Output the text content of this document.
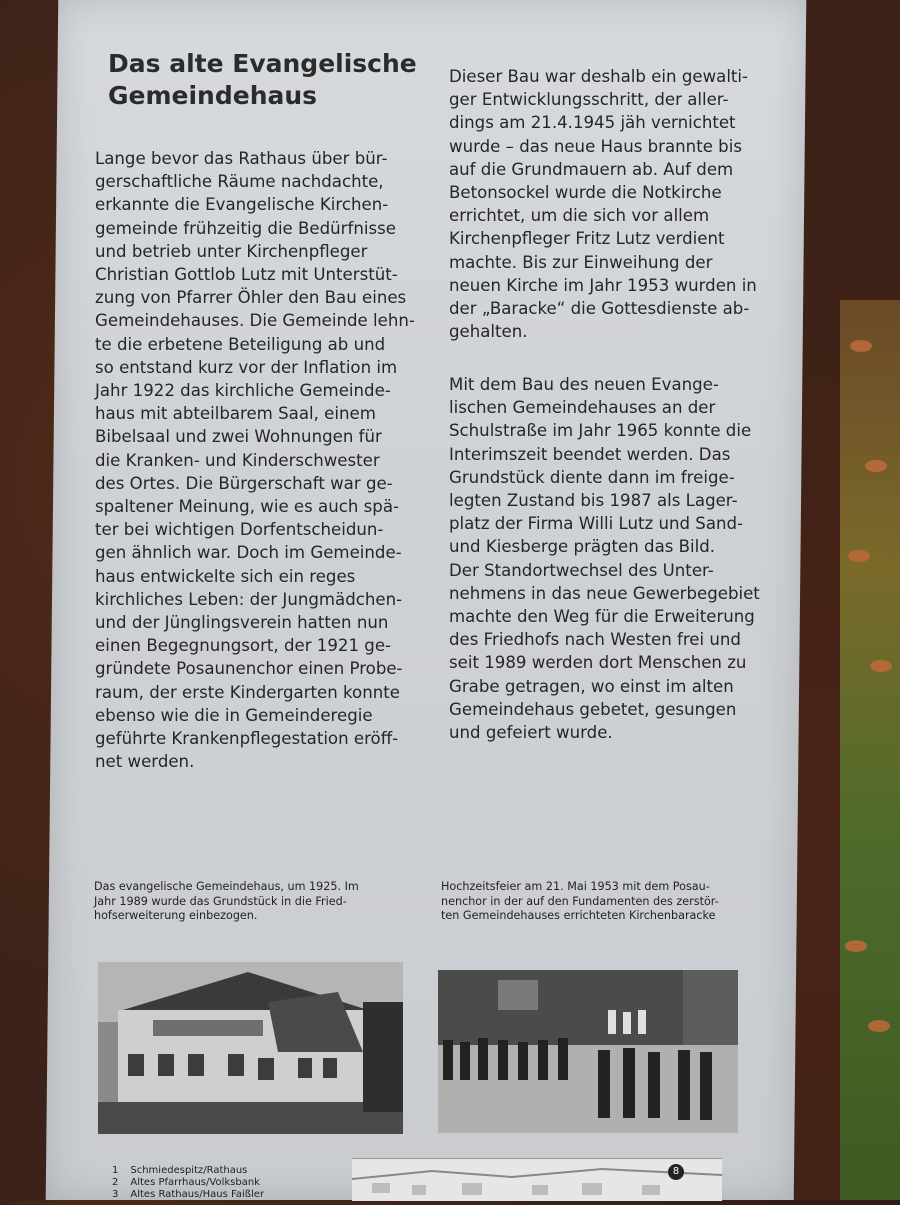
Das alte Evangelische
Gemeindehaus
Lange bevor das Rathaus über bür-
gerschaftliche Räume nachdachte,
erkannte die Evangelische Kirchen-
gemeinde frühzeitig die Bedürfnisse
und betrieb unter Kirchenpfleger
Christian Gottlob Lutz mit Unterstüt-
zung von Pfarrer Öhler den Bau eines
Gemeindehauses. Die Gemeinde lehn-
te die erbetene Beteiligung ab und
so entstand kurz vor der Inflation im
Jahr 1922 das kirchliche Gemeinde-
haus mit abteilbarem Saal, einem
Bibelsaal und zwei Wohnungen für
die Kranken- und Kinderschwester
des Ortes. Die Bürgerschaft war ge-
spaltener Meinung, wie es auch spä-
ter bei wichtigen Dorfentscheidun-
gen ähnlich war. Doch im Gemeinde-
haus entwickelte sich ein reges
kirchliches Leben: der Jungmädchen-
und der Jünglingsverein hatten nun
einen Begegnungsort, der 1921 ge-
gründete Posaunenchor einen Probe-
raum, der erste Kindergarten konnte
ebenso wie die in Gemeinderegie
geführte Krankenpflegestation eröff-
net werden.
Dieser Bau war deshalb ein gewalti-
ger Entwicklungsschritt, der aller-
dings am 21.4.1945 jäh vernichtet
wurde – das neue Haus brannte bis
auf die Grundmauern ab. Auf dem
Betonsockel wurde die Notkirche
errichtet, um die sich vor allem
Kirchenpfleger Fritz Lutz verdient
machte. Bis zur Einweihung der
neuen Kirche im Jahr 1953 wurden in
der „Baracke“ die Gottesdienste ab-
gehalten.
Mit dem Bau des neuen Evange-
lischen Gemeindehauses an der
Schulstraße im Jahr 1965 konnte die
Interimszeit beendet werden. Das
Grundstück diente dann im freige-
legten Zustand bis 1987 als Lager-
platz der Firma Willi Lutz und Sand-
und Kiesberge prägten das Bild.
Der Standortwechsel des Unter-
nehmens in das neue Gewerbegebiet
machte den Weg für die Erweiterung
des Friedhofs nach Westen frei und
seit 1989 werden dort Menschen zu
Grabe getragen, wo einst im alten
Gemeindehaus gebetet, gesungen
und gefeiert wurde.
Das evangelische Gemeindehaus, um 1925. Im
Jahr 1989 wurde das Grundstück in die Fried-
hofserweiterung einbezogen.
Hochzeitsfeier am 21. Mai 1953 mit dem Posau-
nenchor in der auf den Fundamenten des zerstör-
ten Gemeindehauses errichteten Kirchenbaracke
1 Schmiedespitz/Rathaus
2 Altes Pfarrhaus/Volksbank
3 Altes Rathaus/Haus Faißler
8
